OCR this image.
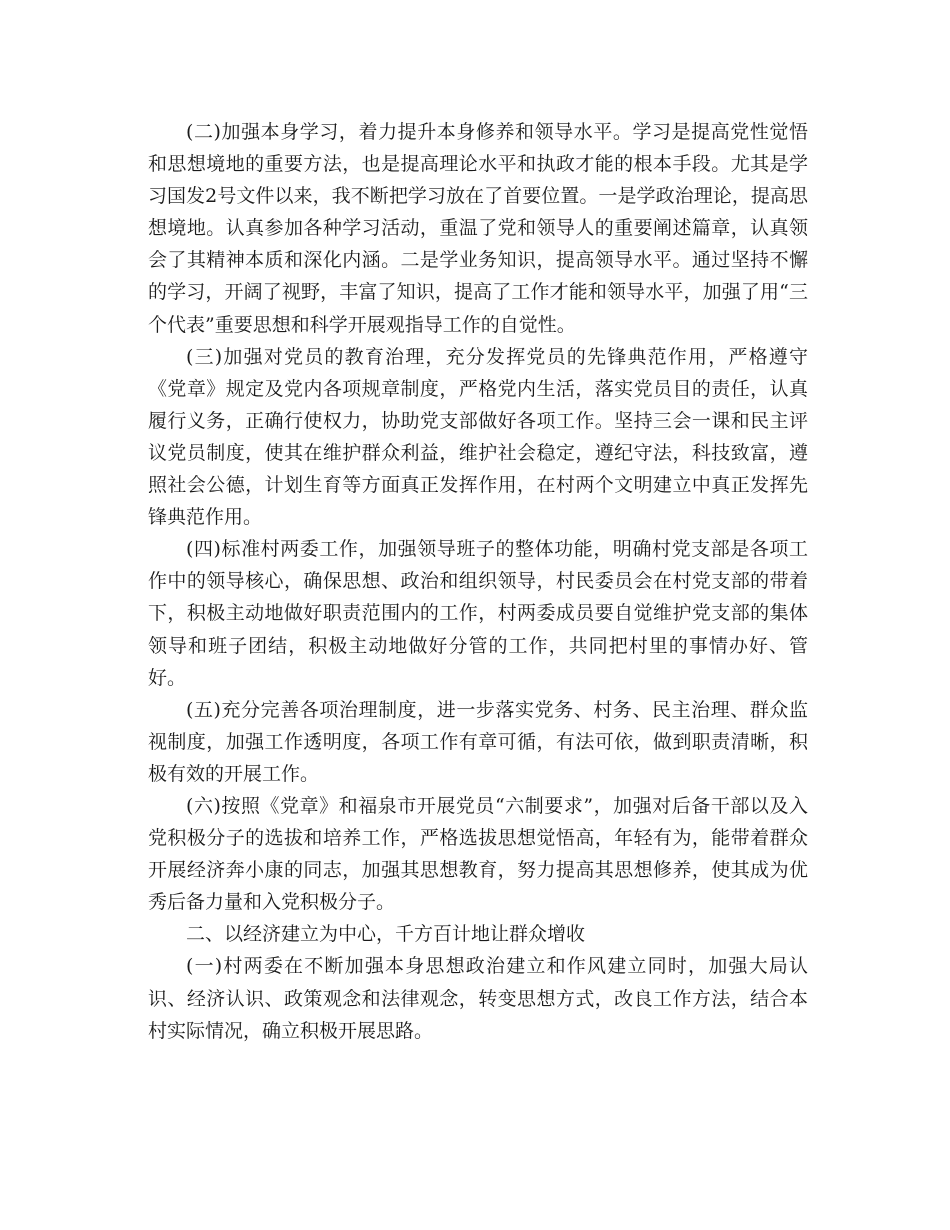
(二)加强本身学习，着力提升本身修养和领导水平。学习是提高党性觉悟和思想境地的重要方法，也是提高理论水平和执政才能的根本手段。尤其是学习国发2号文件以来，我不断把学习放在了首要位置。一是学政治理论，提高思想境地。认真参加各种学习活动，重温了党和领导人的重要阐述篇章，认真领会了其精神本质和深化内涵。二是学业务知识，提高领导水平。通过坚持不懈的学习，开阔了视野，丰富了知识，提高了工作才能和领导水平，加强了用“三个代表”重要思想和科学开展观指导工作的自觉性。

(三)加强对党员的教育治理，充分发挥党员的先锋典范作用，严格遵守《党章》规定及党内各项规章制度，严格党内生活，落实党员目的责任，认真履行义务，正确行使权力，协助党支部做好各项工作。坚持三会一课和民主评议党员制度，使其在维护群众利益，维护社会稳定，遵纪守法，科技致富，遵照社会公德，计划生育等方面真正发挥作用，在村两个文明建立中真正发挥先锋典范作用。

(四)标准村两委工作，加强领导班子的整体功能，明确村党支部是各项工作中的领导核心，确保思想、政治和组织领导，村民委员会在村党支部的带着下，积极主动地做好职责范围内的工作，村两委成员要自觉维护党支部的集体领导和班子团结，积极主动地做好分管的工作，共同把村里的事情办好、管好。

(五)充分完善各项治理制度，进一步落实党务、村务、民主治理、群众监视制度，加强工作透明度，各项工作有章可循，有法可依，做到职责清晰，积极有效的开展工作。

(六)按照《党章》和福泉市开展党员“六制要求”，加强对后备干部以及入党积极分子的选拔和培养工作，严格选拔思想觉悟高，年轻有为，能带着群众开展经济奔小康的同志，加强其思想教育，努力提高其思想修养，使其成为优秀后备力量和入党积极分子。

二、以经济建立为中心，千方百计地让群众增收

(一)村两委在不断加强本身思想政治建立和作风建立同时，加强大局认识、经济认识、政策观念和法律观念，转变思想方式，改良工作方法，结合本村实际情况，确立积极开展思路。
